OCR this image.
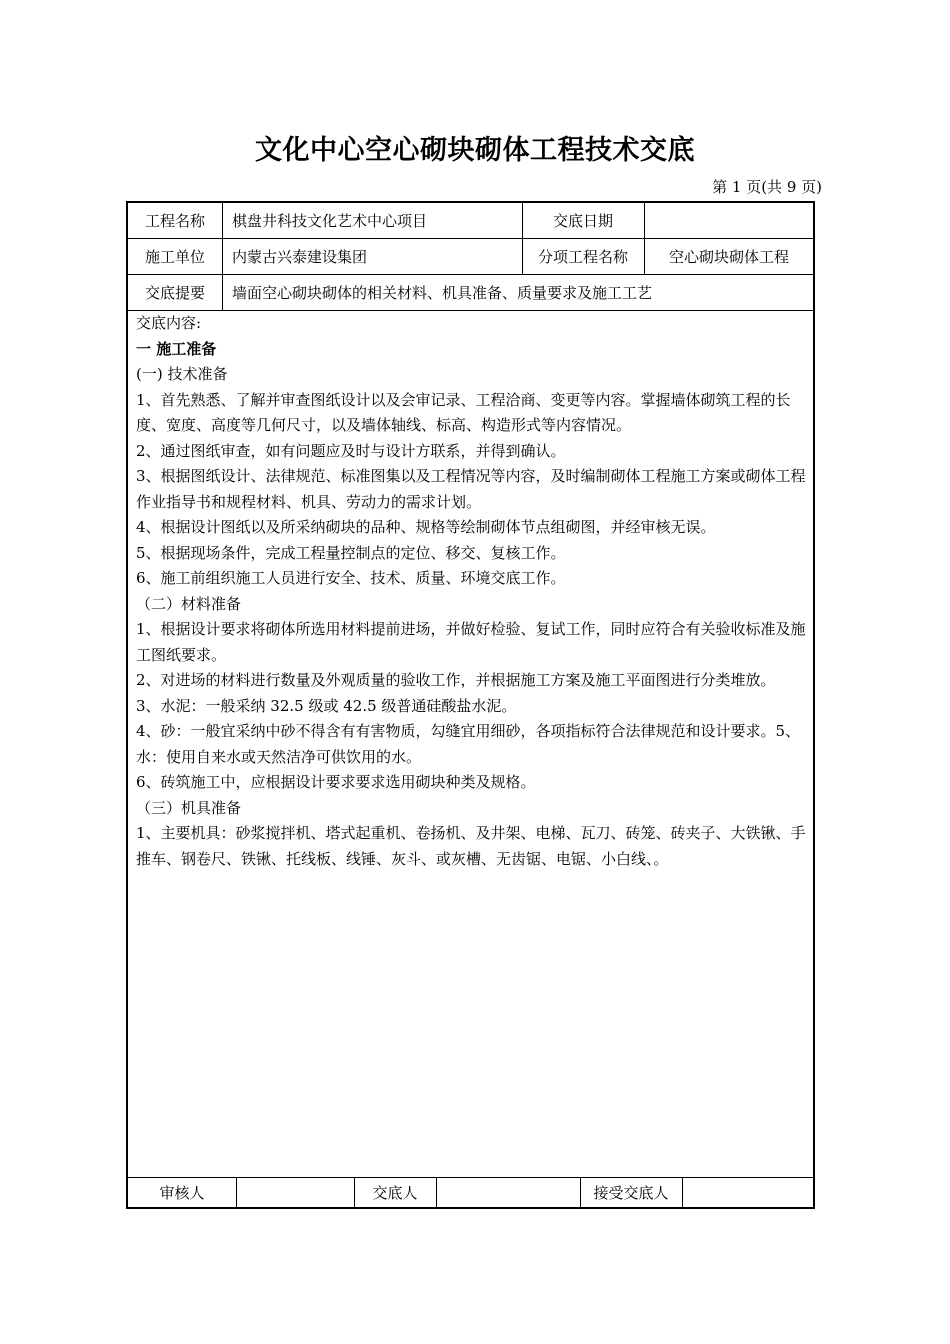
文化中心空心砌块砌体工程技术交底
第 1 页(共 9 页)
工程名称	棋盘井科技文化艺术中心项目	交底日期
施工单位	内蒙古兴泰建设集团	分项工程名称	空心砌块砌体工程
交底提要	墙面空心砌块砌体的相关材料、机具准备、质量要求及施工工艺

交底内容:

一 施工准备

(一) 技术准备

1、首先熟悉、了解并审查图纸设计以及会审记录、工程洽商、变更等内容。掌握墙体砌筑工程的长度、宽度、高度等几何尺寸，以及墙体轴线、标高、构造形式等内容情况。

2、通过图纸审查，如有问题应及时与设计方联系，并得到确认。

3、根据图纸设计、法律规范、标准图集以及工程情况等内容，及时编制砌体工程施工方案或砌体工程作业指导书和规程材料、机具、劳动力的需求计划。

4、根据设计图纸以及所采纳砌块的品种、规格等绘制砌体节点组砌图，并经审核无误。

5、根据现场条件，完成工程量控制点的定位、移交、复核工作。

6、施工前组织施工人员进行安全、技术、质量、环境交底工作。

（二）材料准备

1、根据设计要求将砌体所选用材料提前进场，并做好检验、复试工作，同时应符合有关验收标准及施工图纸要求。

2、对进场的材料进行数量及外观质量的验收工作，并根据施工方案及施工平面图进行分类堆放。

3、水泥：一般采纳 32.5 级或 42.5 级普通硅酸盐水泥。

4、砂：一般宜采纳中砂不得含有有害物质，勾缝宜用细砂，各项指标符合法律规范和设计要求。5、水：使用自来水或天然洁净可供饮用的水。

6、砖筑施工中，应根据设计要求要求选用砌块种类及规格。

（三）机具准备

1、主要机具：砂浆搅拌机、塔式起重机、卷扬机、及井架、电梯、瓦刀、砖笼、砖夹子、大铁锹、手推车、钢卷尺、铁锹、托线板、线锤、灰斗、或灰槽、无齿锯、电锯、小白线、。

审核人	交底人	接受交底人
